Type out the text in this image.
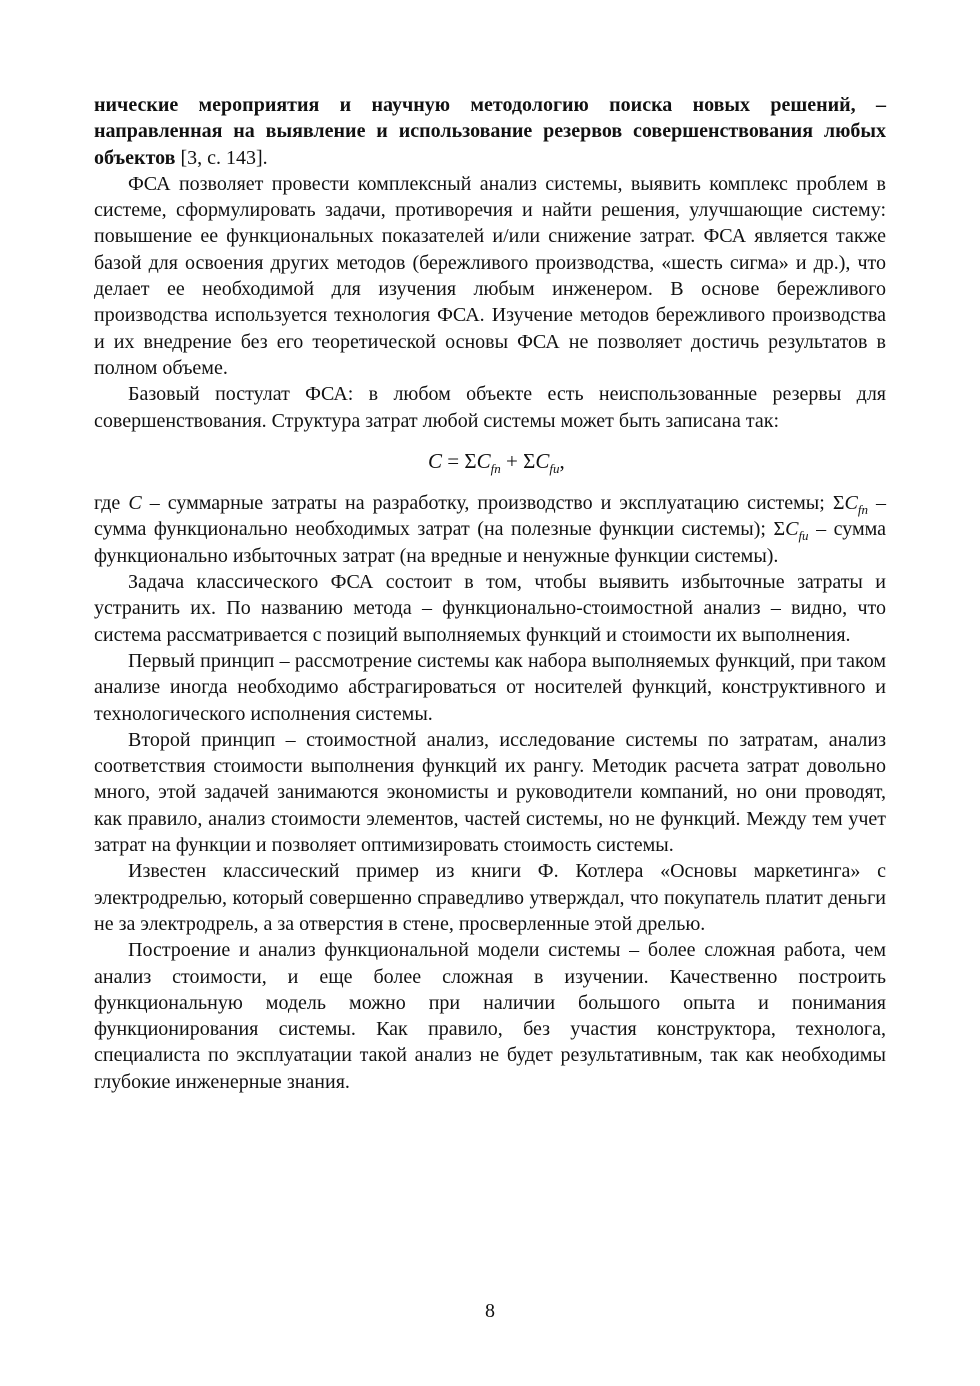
нические мероприятия и научную методологию поиска новых решений, – направленная на выявление и использование резервов совершенствования любых объектов [3, с. 143].

ФСА позволяет провести комплексный анализ системы, выявить комплекс проблем в системе, сформулировать задачи, противоречия и найти решения, улучшающие систему: повышение ее функциональных показателей и/или снижение затрат. ФСА является также базой для освоения других методов (бережливого производства, «шесть сигма» и др.), что делает ее необходимой для изучения любым инженером. В основе бережливого производства используется технология ФСА. Изучение методов бережливого производства и их внедрение без его теоретической основы ФСА не позволяет достичь результатов в полном объеме.

Базовый постулат ФСА: в любом объекте есть неиспользованные резервы для совершенствования. Структура затрат любой системы может быть записана так:

$C = \Sigma C_{fn} + \Sigma C_{fu}$,

где C – суммарные затраты на разработку, производство и эксплуатацию системы; $\Sigma C_{fn}$ – сумма функционально необходимых затрат (на полезные функции системы); $\Sigma C_{fu}$ – сумма функционально избыточных затрат (на вредные и ненужные функции системы).

Задача классического ФСА состоит в том, чтобы выявить избыточные затраты и устранить их. По названию метода – функционально-стоимостной анализ – видно, что система рассматривается с позиций выполняемых функций и стоимости их выполнения.

Первый принцип – рассмотрение системы как набора выполняемых функций, при таком анализе иногда необходимо абстрагироваться от носителей функций, конструктивного и технологического исполнения системы.

Второй принцип – стоимостной анализ, исследование системы по затратам, анализ соответствия стоимости выполнения функций их рангу. Методик расчета затрат довольно много, этой задачей занимаются экономисты и руководители компаний, но они проводят, как правило, анализ стоимости элементов, частей системы, но не функций. Между тем учет затрат на функции и позволяет оптимизировать стоимость системы.

Известен классический пример из книги Ф. Котлера «Основы маркетинга» с электродрелью, который совершенно справедливо утверждал, что покупатель платит деньги не за электродрель, а за отверстия в стене, просверленные этой дрелью.

Построение и анализ функциональной модели системы – более сложная работа, чем анализ стоимости, и еще более сложная в изучении. Качественно построить функциональную модель можно при наличии большого опыта и понимания функционирования системы. Как правило, без участия конструктора, технолога, специалиста по эксплуатации такой анализ не будет результативным, так как необходимы глубокие инженерные знания.

8
